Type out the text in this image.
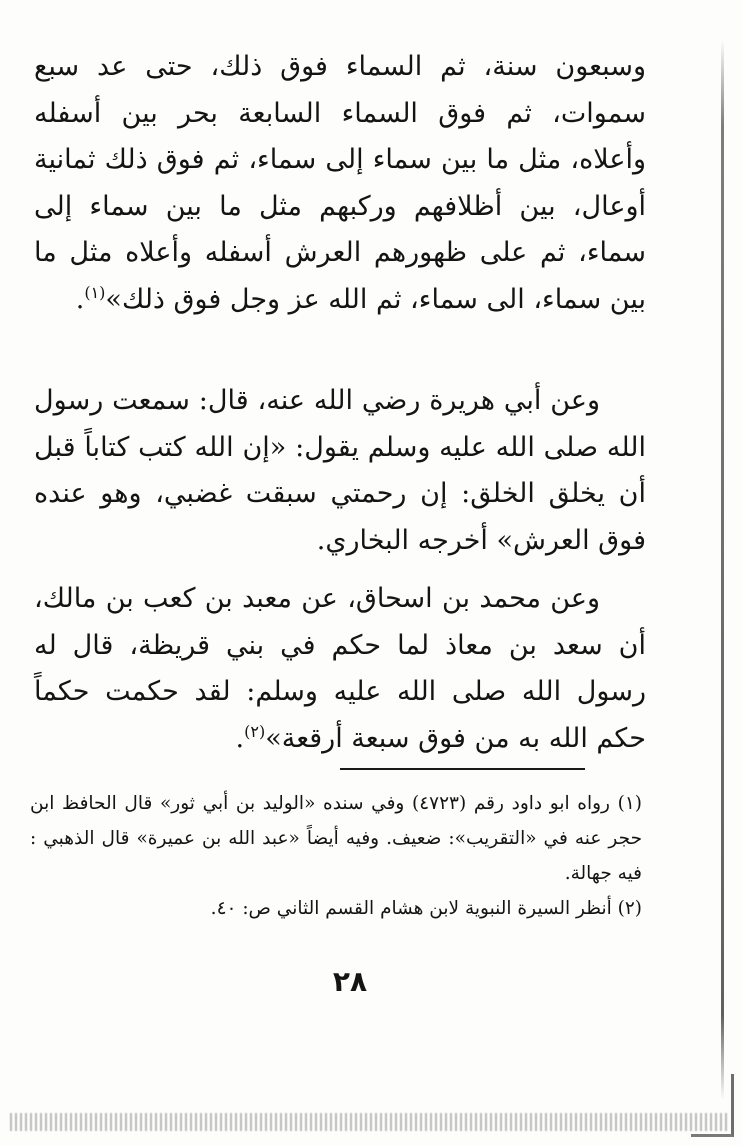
وسبعون سنة، ثم السماء فوق ذلك، حتى عد سبع سموات، ثم فوق السماء السابعة بحر بين أسفله وأعلاه، مثل ما بين سماء إلى سماء، ثم فوق ذلك ثمانية أوعال، بين أظلافهم وركبهم مثل ما بين سماء إلى سماء، ثم على ظهورهم العرش أسفله وأعلاه مثل ما بين سماء، الى سماء، ثم الله عز وجل فوق ذلك»$^{(١)}$.

وعن أبي هريرة رضي الله عنه، قال: سمعت رسول الله صلى الله عليه وسلم يقول: «إن الله كتب كتاباً قبل أن يخلق الخلق: إن رحمتي سبقت غضبي، وهو عنده فوق العرش» أخرجه البخاري.

وعن محمد بن اسحاق، عن معبد بن كعب بن مالك، أن سعد بن معاذ لما حكم في بني قريظة، قال له رسول الله صلى الله عليه وسلم: لقد حكمت حكماً حكم الله به من فوق سبعة أرقعة»$^{(٢)}$.

(١) رواه ابو داود رقم (٤٧٢٣) وفي سنده «الوليد بن أبي ثور» قال الحافظ ابن حجر عنه في «التقريب»: ضعيف. وفيه أيضاً «عبد الله بن عميرة» قال الذهبي : فيه جهالة.

(٢) أنظر السيرة النبوية لابن هشام القسم الثاني ص: ٤٠.

٢٨
